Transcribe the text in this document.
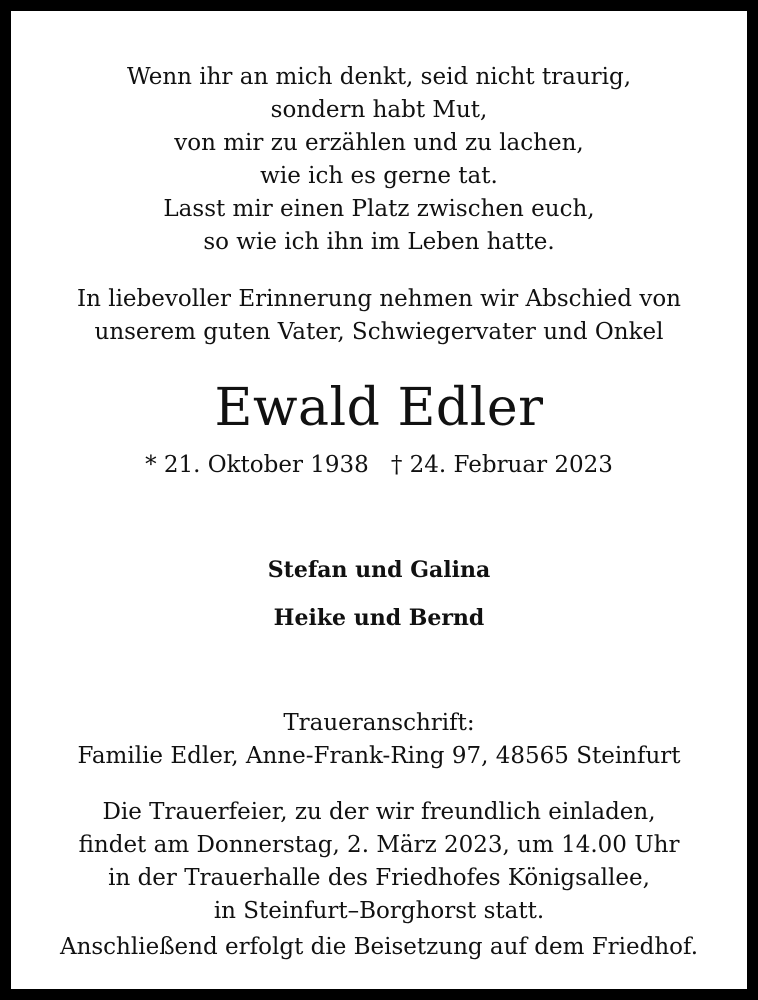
Wenn ihr an mich denkt, seid nicht traurig,
sondern habt Mut,
von mir zu erzählen und zu lachen,
wie ich es gerne tat.
Lasst mir einen Platz zwischen euch,
so wie ich ihn im Leben hatte.
In liebevoller Erinnerung nehmen wir Abschied von
unserem guten Vater, Schwiegervater und Onkel
Ewald Edler
* 21. Oktober 1938 † 24. Februar 2023
Stefan und Galina
Heike und Bernd
Traueranschrift:
Familie Edler, Anne-Frank-Ring 97, 48565 Steinfurt
Die Trauerfeier, zu der wir freundlich einladen,
findet am Donnerstag, 2. März 2023, um 14.00 Uhr
in der Trauerhalle des Friedhofes Königsallee,
in Steinfurt–Borghorst statt.
Anschließend erfolgt die Beisetzung auf dem Friedhof.
